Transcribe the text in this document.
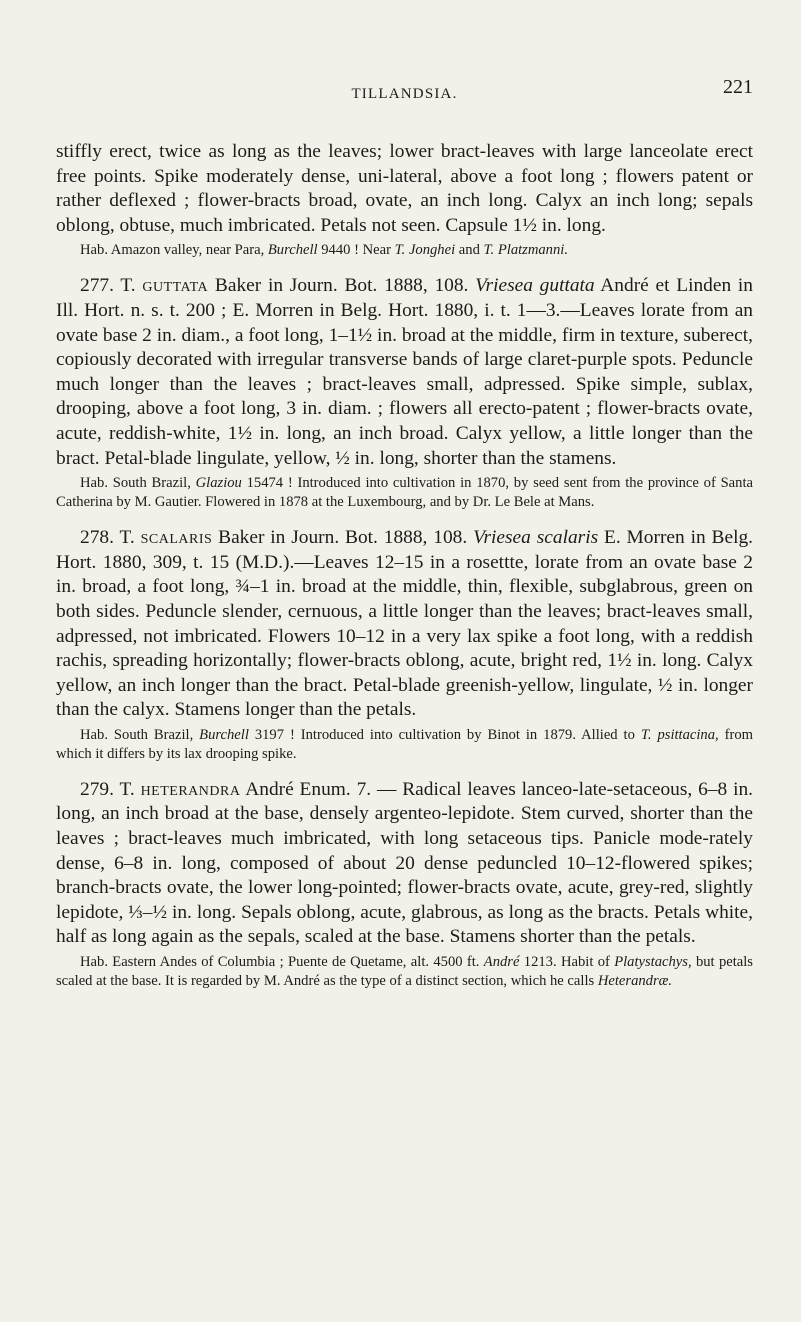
TILLANDSIA.	221

stiffly erect, twice as long as the leaves; lower bract-leaves with large lanceolate erect free points. Spike moderately dense, uni-lateral, above a foot long ; flowers patent or rather deflexed ; flower-bracts broad, ovate, an inch long. Calyx an inch long; sepals oblong, obtuse, much imbricated. Petals not seen. Capsule 1½ in. long.

Hab. Amazon valley, near Para, Burchell 9440 ! Near T. Jonghei and T. Platzmanni.

277. T. guttata Baker in Journ. Bot. 1888, 108. Vriesea guttata André et Linden in Ill. Hort. n. s. t. 200 ; E. Morren in Belg. Hort. 1880, i. t. 1—3.—Leaves lorate from an ovate base 2 in. diam., a foot long, 1–1½ in. broad at the middle, firm in texture, suberect, copiously decorated with irregular transverse bands of large claret-purple spots. Peduncle much longer than the leaves ; bract-leaves small, adpressed. Spike simple, sublax, drooping, above a foot long, 3 in. diam. ; flowers all erecto-patent ; flower-bracts ovate, acute, reddish-white, 1½ in. long, an inch broad. Calyx yellow, a little longer than the bract. Petal-blade lingulate, yellow, ½ in. long, shorter than the stamens.

Hab. South Brazil, Glaziou 15474 ! Introduced into cultivation in 1870, by seed sent from the province of Santa Catherina by M. Gautier. Flowered in 1878 at the Luxembourg, and by Dr. Le Bele at Mans.

278. T. scalaris Baker in Journ. Bot. 1888, 108. Vriesea scalaris E. Morren in Belg. Hort. 1880, 309, t. 15 (M.D.).—Leaves 12–15 in a rosettte, lorate from an ovate base 2 in. broad, a foot long, ¾–1 in. broad at the middle, thin, flexible, subglabrous, green on both sides. Peduncle slender, cernuous, a little longer than the leaves; bract-leaves small, adpressed, not imbricated. Flowers 10–12 in a very lax spike a foot long, with a reddish rachis, spreading horizontally; flower-bracts oblong, acute, bright red, 1½ in. long. Calyx yellow, an inch longer than the bract. Petal-blade greenish-yellow, lingulate, ½ in. longer than the calyx. Stamens longer than the petals.

Hab. South Brazil, Burchell 3197 ! Introduced into cultivation by Binot in 1879. Allied to T. psittacina, from which it differs by its lax drooping spike.

279. T. heterandra André Enum. 7. — Radical leaves lanceo-late-setaceous, 6–8 in. long, an inch broad at the base, densely argenteo-lepidote. Stem curved, shorter than the leaves ; bract-leaves much imbricated, with long setaceous tips. Panicle mode-rately dense, 6–8 in. long, composed of about 20 dense peduncled 10–12-flowered spikes; branch-bracts ovate, the lower long-pointed; flower-bracts ovate, acute, grey-red, slightly lepidote, ⅓–½ in. long. Sepals oblong, acute, glabrous, as long as the bracts. Petals white, half as long again as the sepals, scaled at the base. Stamens shorter than the petals.

Hab. Eastern Andes of Columbia ; Puente de Quetame, alt. 4500 ft. André 1213. Habit of Platystachys, but petals scaled at the base. It is regarded by M. André as the type of a distinct section, which he calls Heterandræ.
